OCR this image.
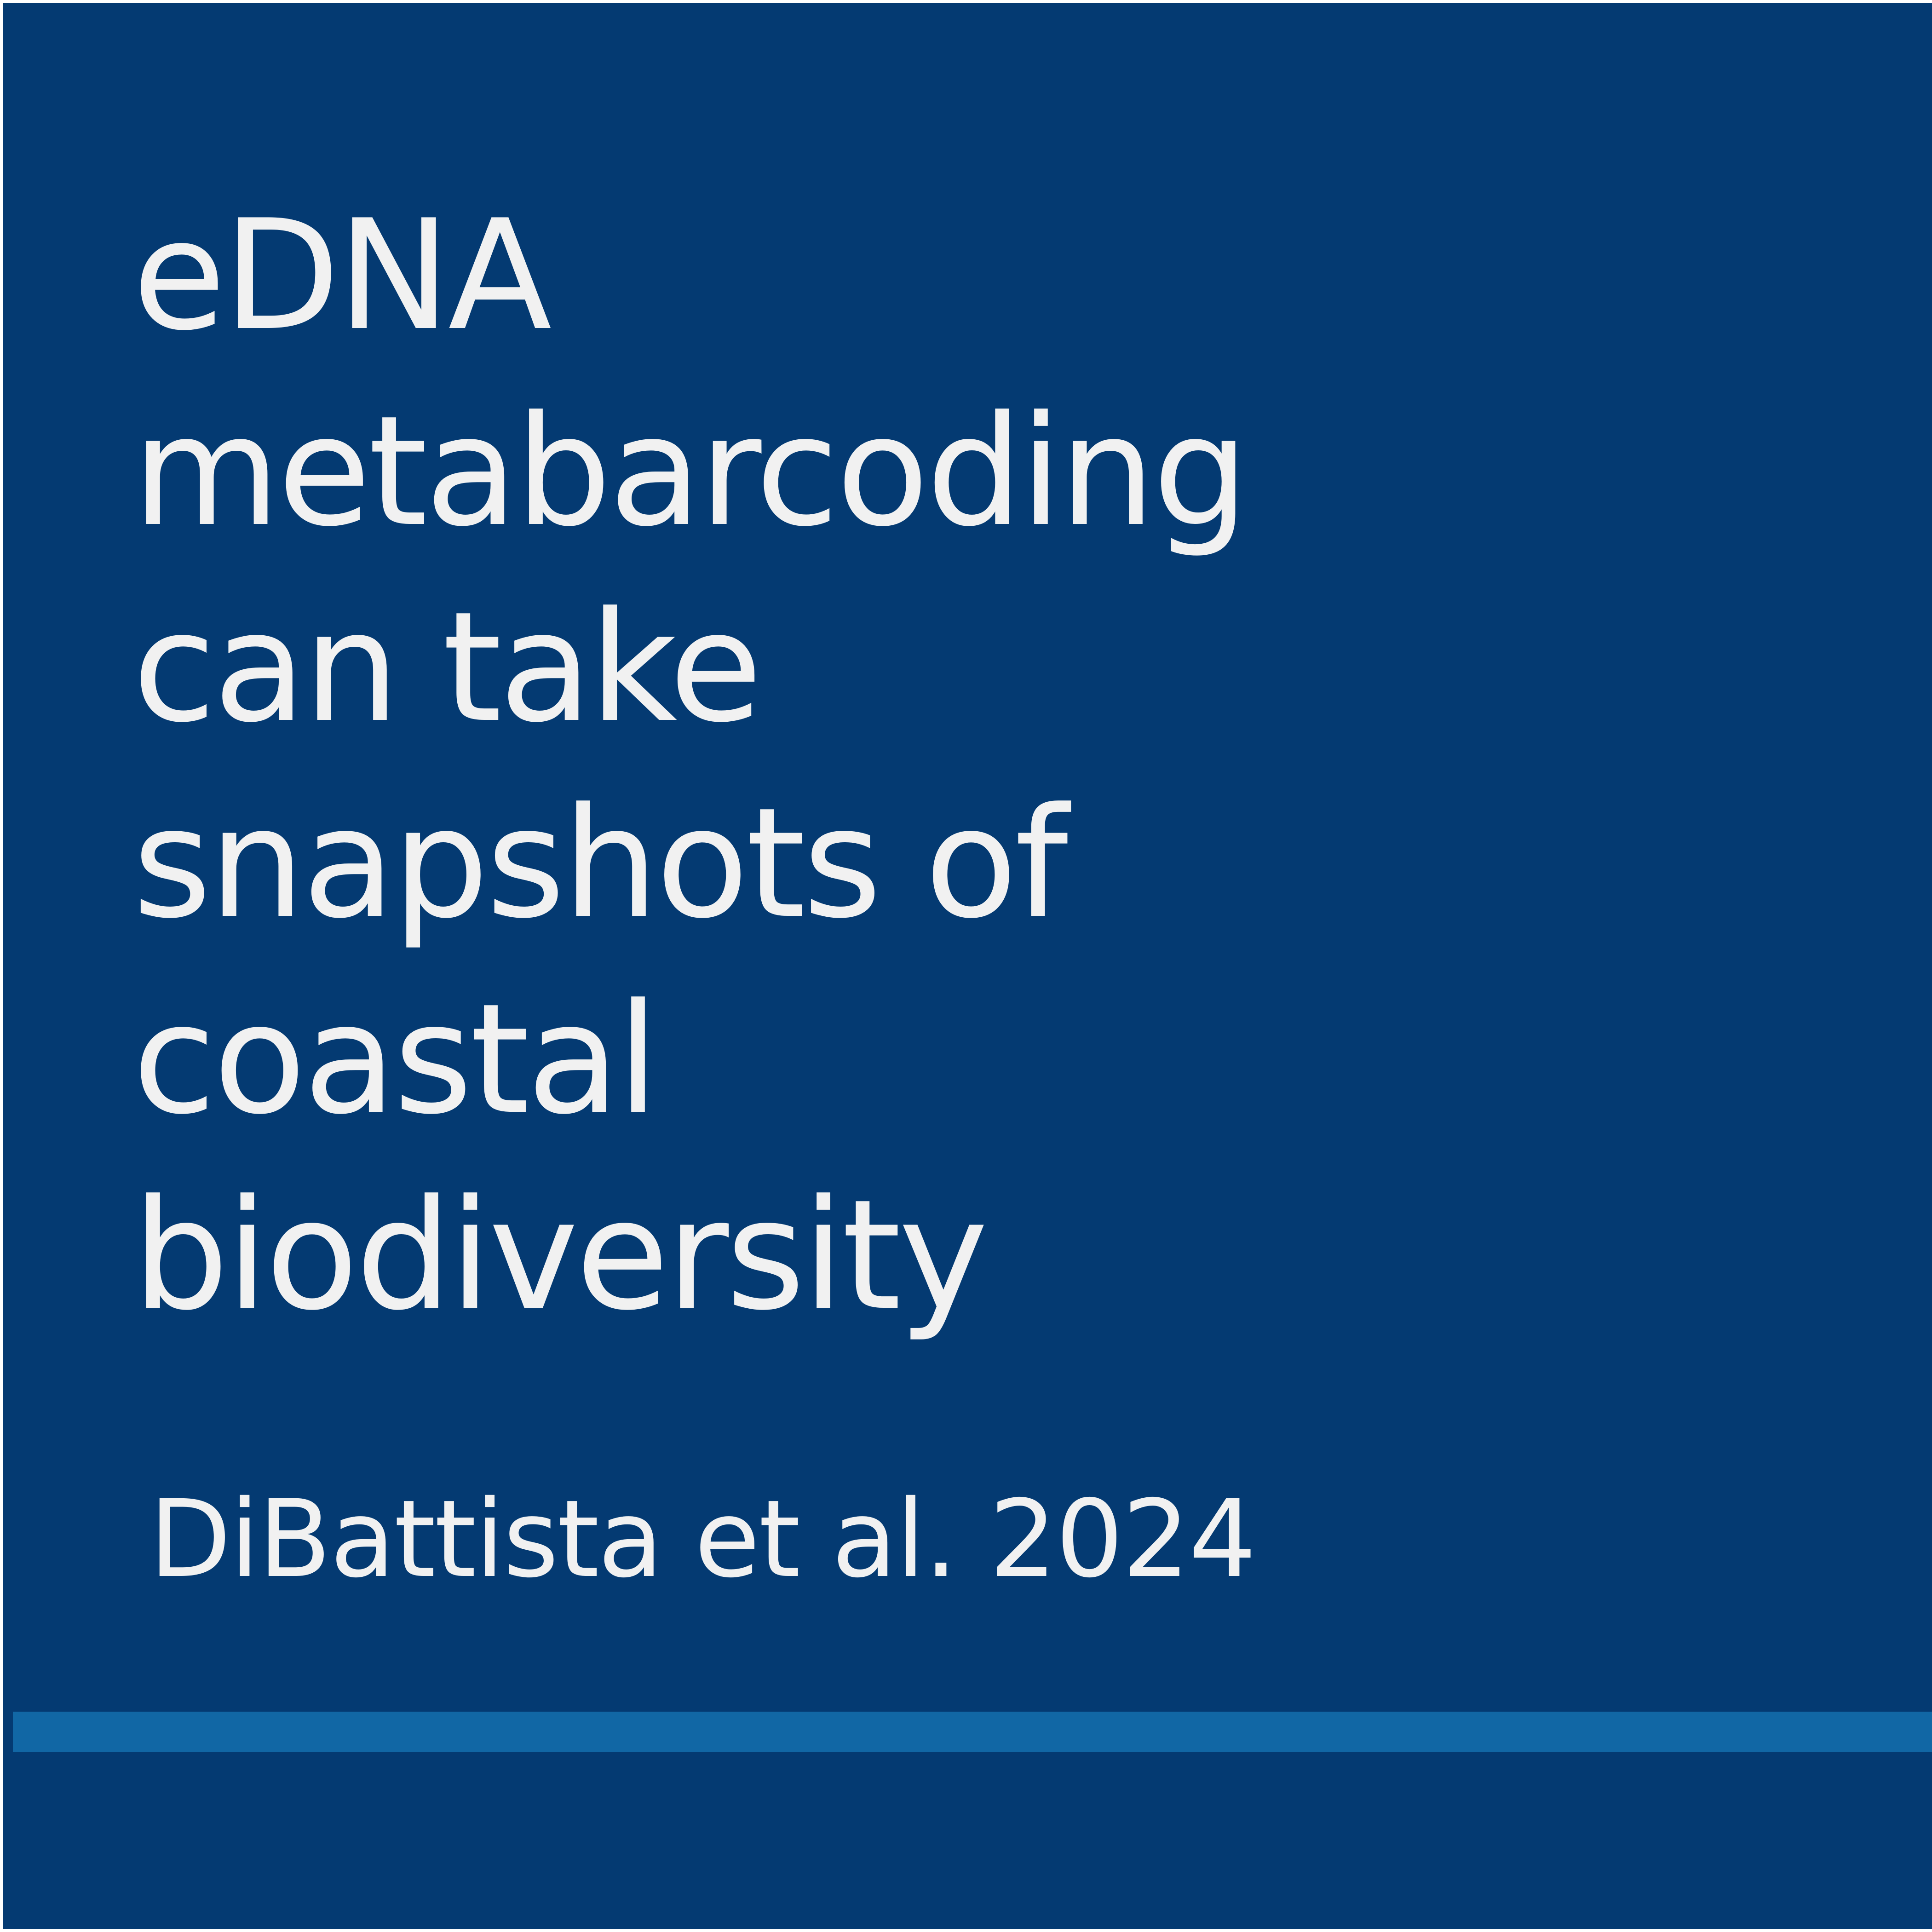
eDNA
metabarcoding
can take
snapshots of
coastal
biodiversity

DiBattista et al. 2024
